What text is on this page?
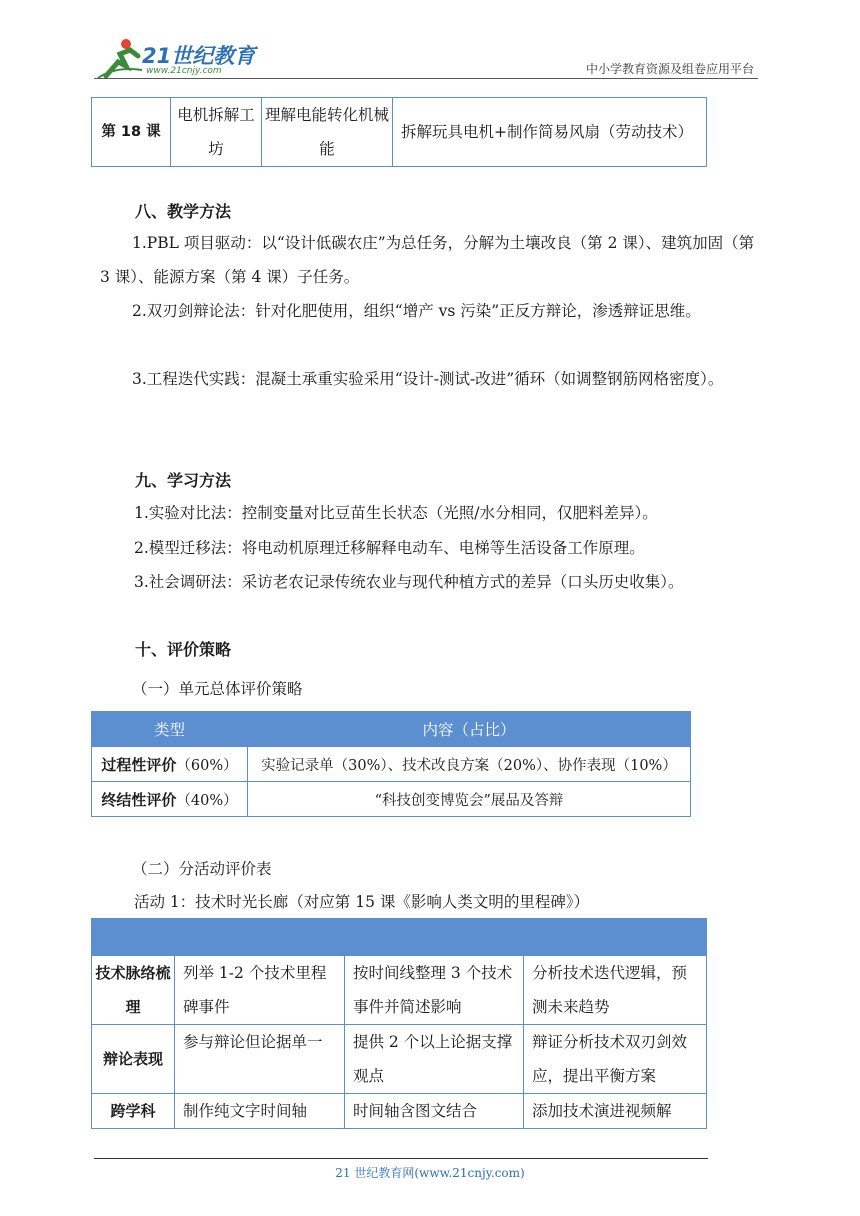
21世纪教育
www.21cnjy.com	中小学教育资源及组卷应用平台
第 18 课	电机拆解工坊	理解电能转化机械能	拆解玩具电机+制作简易风扇（劳动技术）
八、教学方法
1.PBL 项目驱动：以“设计低碳农庄”为总任务，分解为土壤改良（第 2 课）、建筑加固（第 3 课）、能源方案（第 4 课）子任务。
2.双刃剑辩论法：针对化肥使用，组织“增产 vs 污染”正反方辩论，渗透辩证思维。
3.工程迭代实践：混凝土承重实验采用“设计-测试-改进”循环（如调整钢筋网格密度）。
九、学习方法
1.实验对比法：控制变量对比豆苗生长状态（光照/水分相同，仅肥料差异）。
2.模型迁移法：将电动机原理迁移解释电动车、电梯等生活设备工作原理。
3.社会调研法：采访老农记录传统农业与现代种植方式的差异（口头历史收集）。
十、评价策略
（一）单元总体评价策略
类型	内容（占比）
过程性评价（60%）	实验记录单（30%）、技术改良方案（20%）、协作表现（10%）
终结性评价（40%）	“科技创变博览会”展品及答辩
（二）分活动评价表
活动 1：技术时光长廊（对应第 15 课《影响人类文明的里程碑》）

技术脉络梳理	列举 1-2 个技术里程碑事件	按时间线整理 3 个技术事件并简述影响	分析技术迭代逻辑，预测未来趋势
辩论表现	参与辩论但论据单一	提供 2 个以上论据支撑观点	辩证分析技术双刃剑效应，提出平衡方案
跨学科	制作纯文字时间轴	时间轴含图文结合	添加技术演进视频解
21 世纪教育网(www.21cnjy.com)
